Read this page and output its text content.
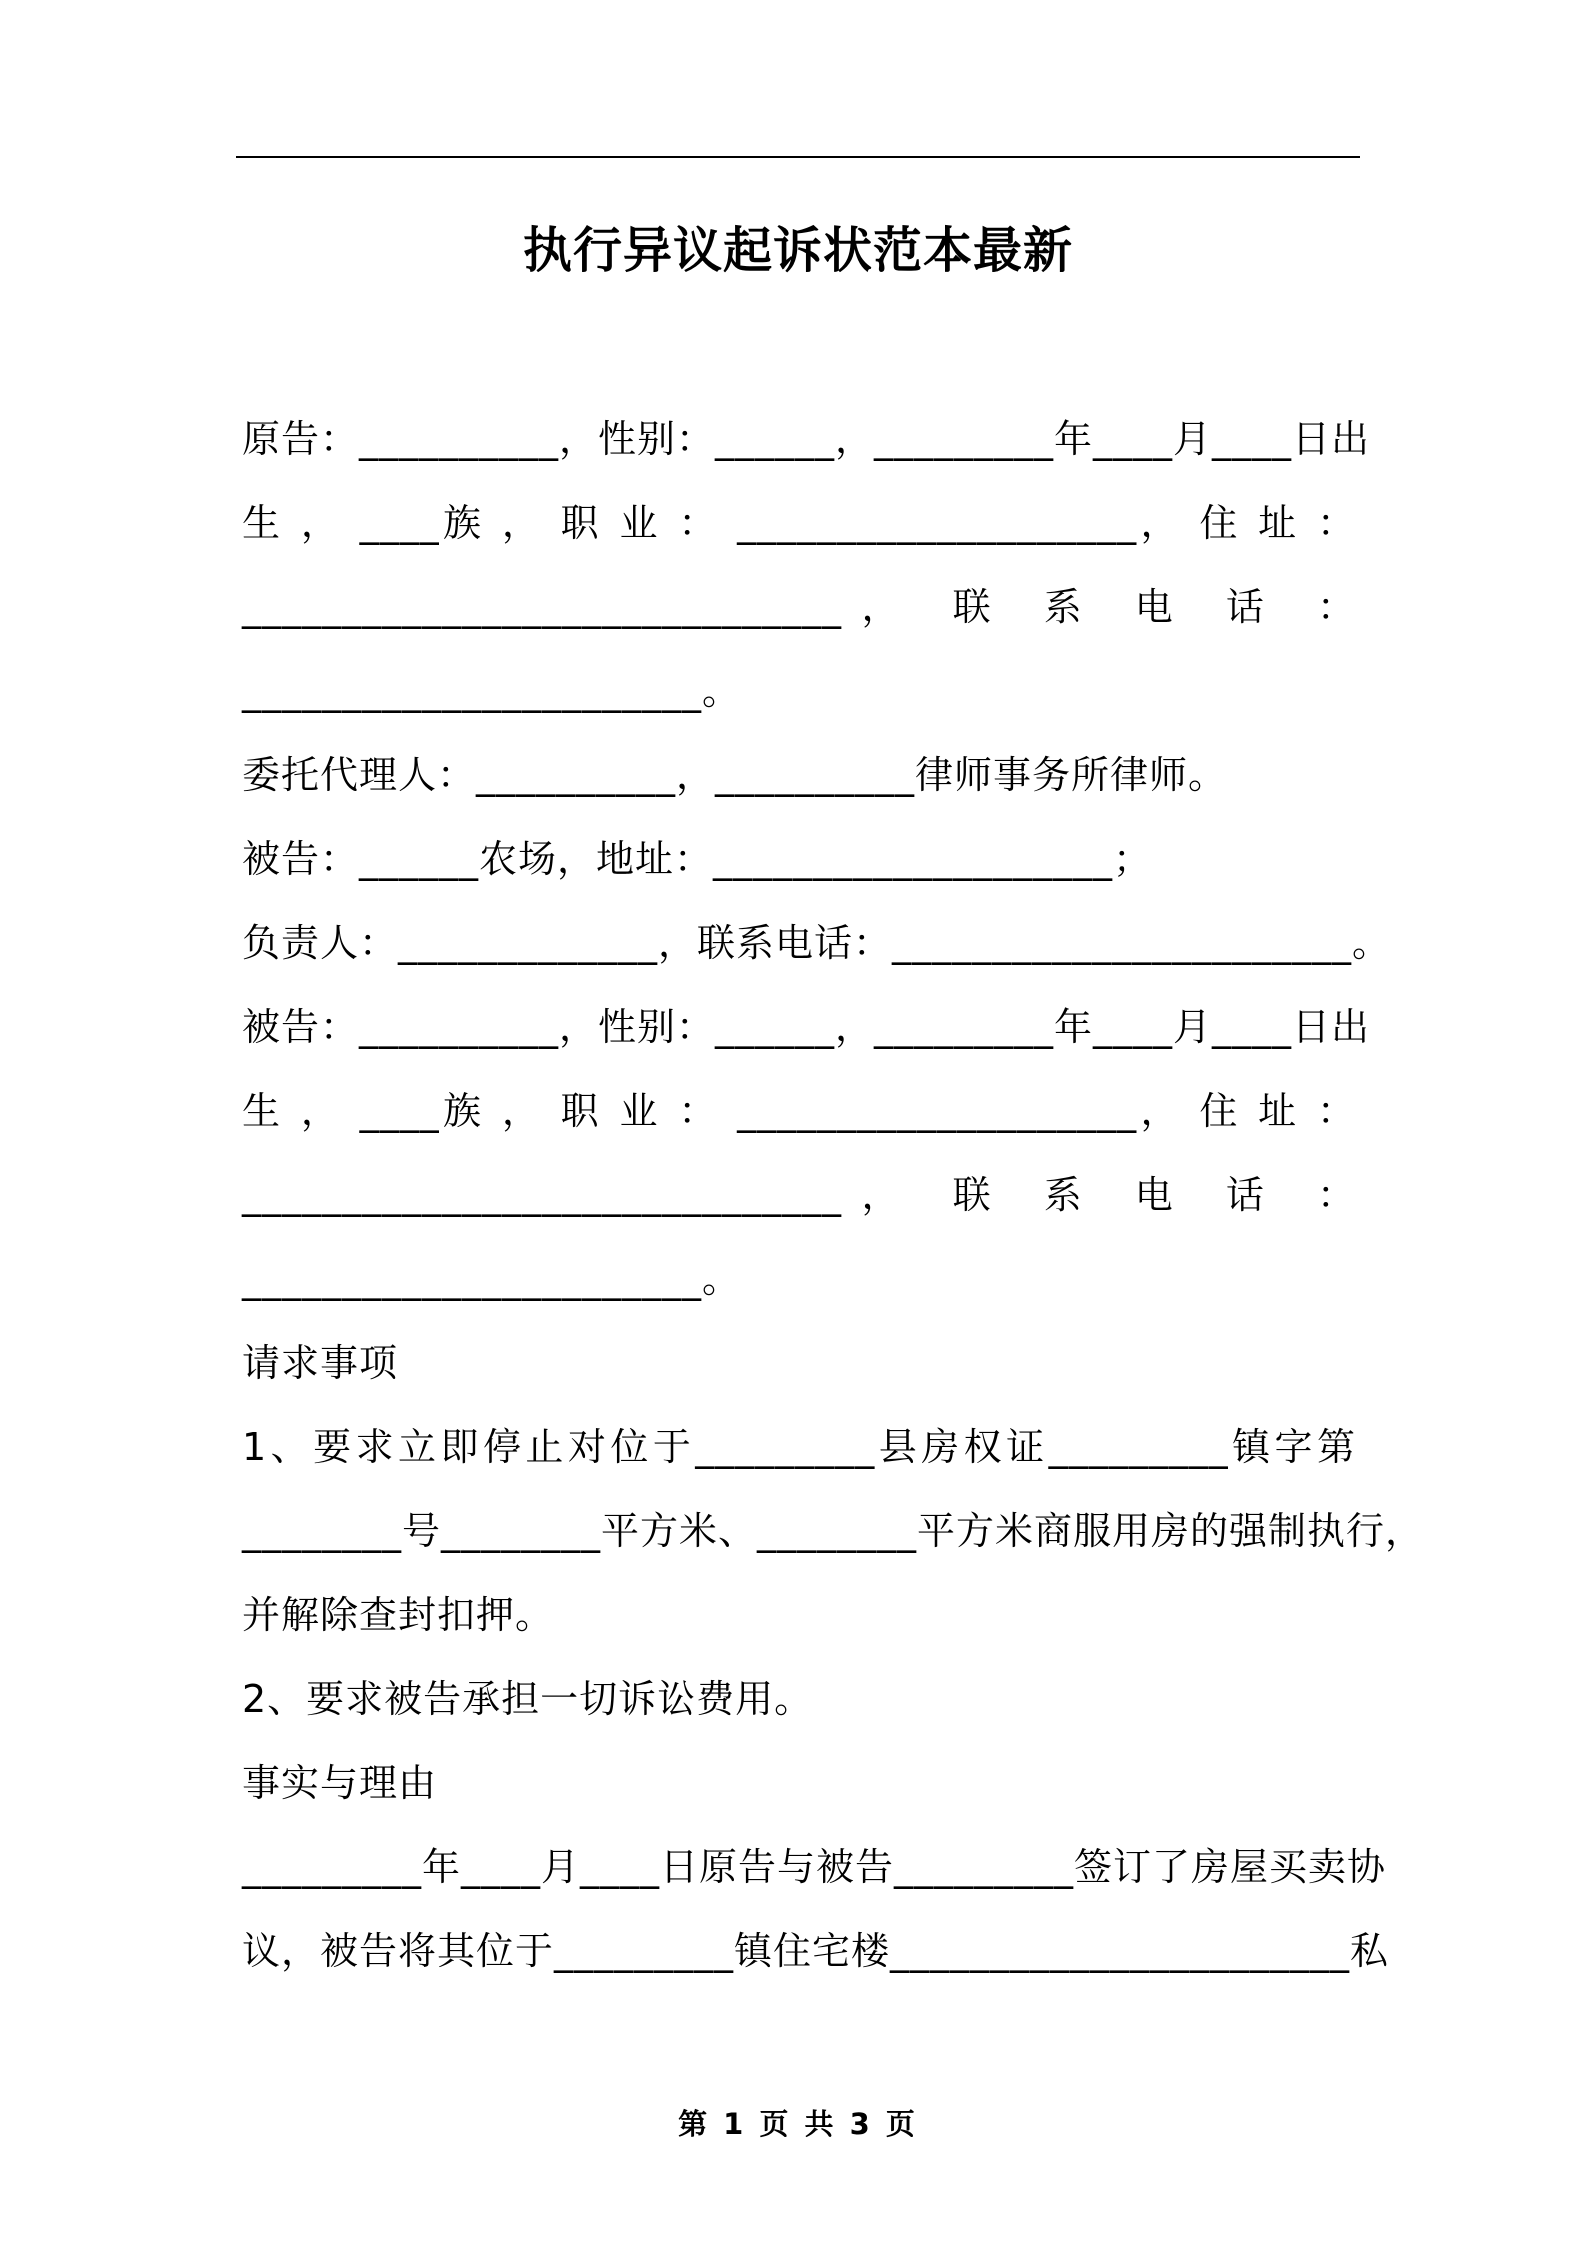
执行异议起诉状范本最新
原告：__________，性别：______，_________年____月____日出
生 ， ____族 ， 职 业 ： ____________________， 住 址 ：
______________________________， 联 系 电 话 ：
_______________________。
委托代理人：__________，__________律师事务所律师。
被告：______农场，地址：____________________；
负责人：_____________，联系电话：_______________________。
被告：__________，性别：______，_________年____月____日出
生 ， ____族 ， 职 业 ： ____________________， 住 址 ：
______________________________， 联 系 电 话 ：
_______________________。
请求事项
1、要求立即停止对位于_________县房权证_________镇字第
________号________平方米、________平方米商服用房的强制执行，
并解除查封扣押。
2、要求被告承担一切诉讼费用。
事实与理由
_________年____月____日原告与被告_________签订了房屋买卖协
议，被告将其位于_________镇住宅楼_______________________私
第 1 页 共 3 页
